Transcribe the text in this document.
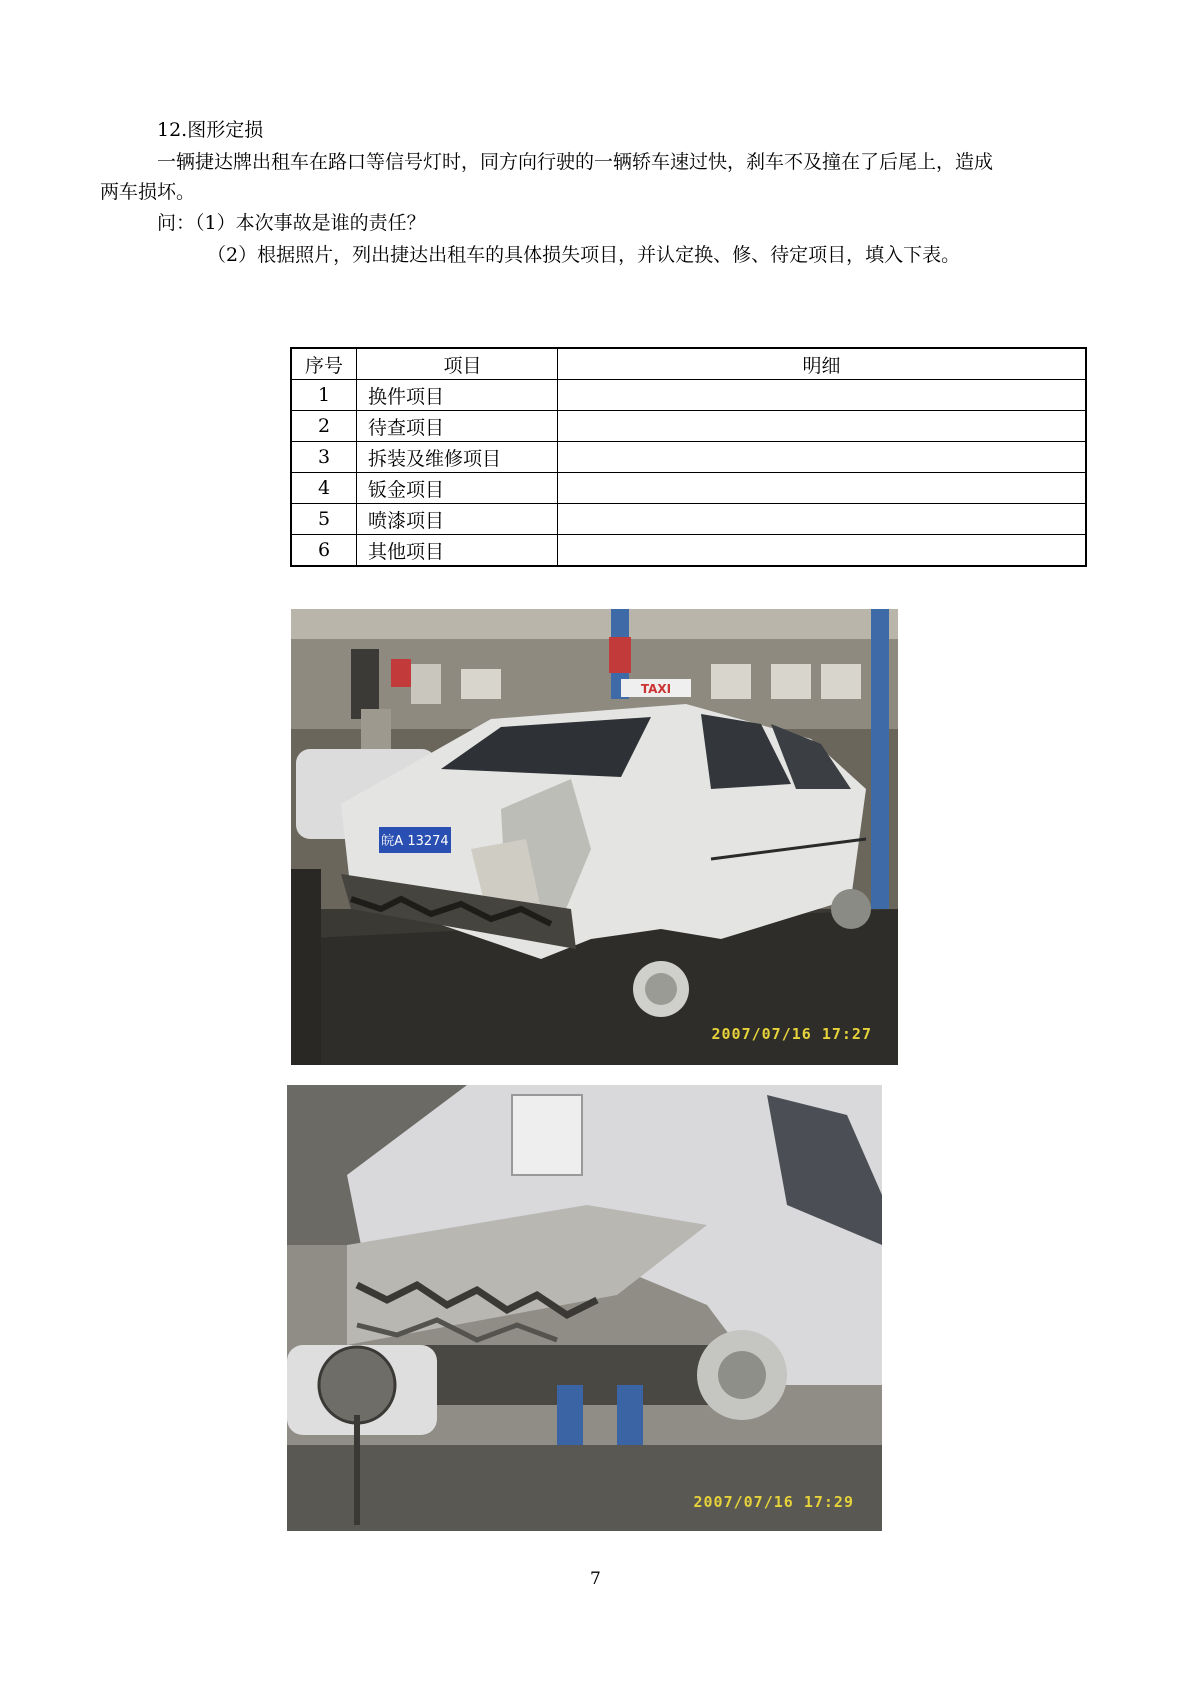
12.图形定损
一辆捷达牌出租车在路口等信号灯时，同方向行驶的一辆轿车速过快，刹车不及撞在了后尾上，造成
两车损坏。
问：（1）本次事故是谁的责任？
（2）根据照片，列出捷达出租车的具体损失项目，并认定换、修、待定项目，填入下表。
序号	项目	明细
1	换件项目	
2	待查项目	
3	拆装及维修项目	
4	钣金项目	
5	喷漆项目	
6	其他项目	
皖A 13274
TAXI
2007/07/16 17:27
2007/07/16 17:29
7
